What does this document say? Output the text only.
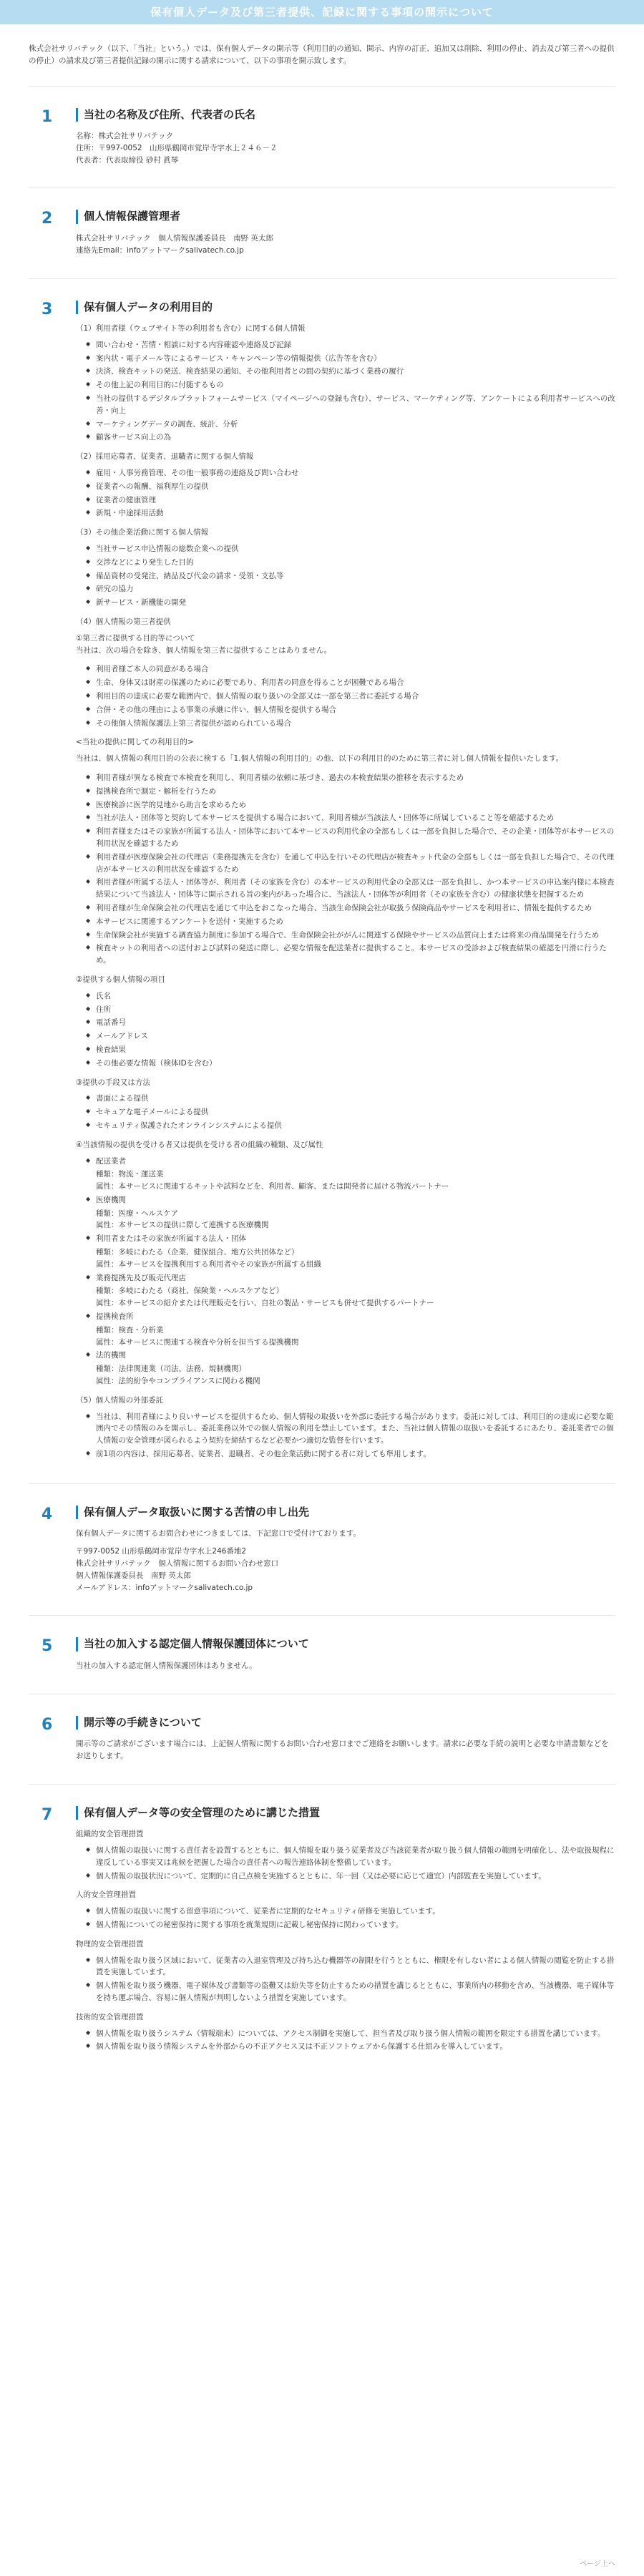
保有個人データ及び第三者提供、記録に関する事項の開示について
株式会社サリバテック（以下、「当社」という。）では、保有個人データの開示等（利用目的の通知、開示、内容の訂正、追加又は削除、利用の停止、消去及び第三者への提供の停止）の請求及び第三者提供記録の開示に関する請求について、以下の事項を開示致します。
1	当社の名称及び住所、代表者の氏名
名称：株式会社サリバテック
住所：〒997-0052　山形県鶴岡市覚岸寺字水上２４６－２
代表者：代表取締役 砂村 眞琴
2	個人情報保護管理者
株式会社サリバテック　個人情報保護委員長　南野 英太郎
連絡先Email：infoアットマークsalivatech.co.jp
3	保有個人データの利用目的
（1）利用者様（ウェブサイト等の利用者も含む）に関する個人情報
◆ 問い合わせ・苦情・相談に対する内容確認や連絡及び記録
◆ 案内状・電子メール等によるサービス・キャンペーン等の情報提供（広告等を含む）
◆ 決済、検査キットの発送、検査結果の通知、その他利用者との間の契約に基づく業務の履行
◆ その他上記の利用目的に付随するもの
◆ 当社の提供するデジタルプラットフォームサービス（マイページへの登録も含む）、サービス、マーケティング等、アンケートによる利用者サービスへの改善・向上
◆ マーケティングデータの調査、統計、分析
◆ 顧客サービス向上の為
（2）採用応募者、従業者、退職者に関する個人情報
◆ 雇用・人事労務管理、その他一般事務の連絡及び問い合わせ
◆ 従業者への報酬、福利厚生の提供
◆ 従業者の健康管理
◆ 新規・中途採用活動
（3）その他企業活動に関する個人情報
◆ 当社サービス申込情報の総数企業への提供
◆ 交渉などにより発生した目的
◆ 備品資材の受発注、納品及び代金の請求・受領・支払等
◆ 研究の協力
◆ 新サービス・新機能の開発
（4）個人情報の第三者提供
①第三者に提供する目的等について
当社は、次の場合を除き、個人情報を第三者に提供することはありません。
◆ 利用者様ご本人の同意がある場合
◆ 生命、身体又は財産の保護のために必要であり、利用者の同意を得ることが困難である場合
◆ 利用目的の達成に必要な範囲内で、個人情報の取り扱いの全部又は一部を第三者に委託する場合
◆ 合併・その他の理由による事業の承継に伴い、個人情報を提供する場合
◆ その他個人情報保護法上第三者提供が認められている場合
<当社の提供に関しての利用目的>
当社は、個人情報の利用目的の公表に検する「1.個人情報の利用目的」の他、以下の利用目的のために第三者に対し個人情報を提供いたします。
◆ 利用者様が異なる検査で本検査を利用し、利用者様の依頼に基づき、過去の本検査結果の推移を表示するため
◆ 提携検査所で測定・解析を行うため
◆ 医療検診に医学的見地から助言を求めるため
◆ 当社が法人・団体等と契約して本サービスを提供する場合において、利用者様が当該法人・団体等に所属していること等を確認するため
◆ 利用者様またはその家族が所属する法人・団体等において本サービスの利用代金の全部もしくは一部を負担した場合で、その企業・団体等が本サービスの利用状況を確認するため
◆ 利用者様が医療保険会社の代理店（業務提携先を含む）を通して申込を行いその代理店が検査キット代金の全部もしくは一部を負担した場合で、その代理店が本サービスの利用状況を確認するため
◆ 利用者様が所属する法人・団体等が、利用者（その家族を含む）の本サービスの利用代金の全部又は一部を負担し、かつ本サービスの申込案内様に本検査結果について当該法人・団体等に開示される旨の案内があった場合に、当該法人・団体等が利用者（その家族を含む）の健康状態を把握するため
◆ 利用者様が生命保険会社の代理店を通じて申込をおこなった場合、当該生命保険会社が取扱う保険商品やサービスを利用者に、情報を提供するため
◆ 本サービスに関連するアンケートを送付・実施するため
◆ 生命保険会社が実施する調査協力制度に参加する場合で、生命保険会社ががんに関連する保険やサービスの品質向上または将来の商品開発を行うため
◆ 検査キットの利用者への送付および試料の発送に際し、必要な情報を配送業者に提供すること。本サービスの受診および検査結果の確認を円滑に行うため。
②提供する個人情報の項目
◆ 氏名
◆ 住所
◆ 電話番号
◆ メールアドレス
◆ 検査結果
◆ その他必要な情報（検体IDを含む）
③提供の手段又は方法
◆ 書面による提供
◆ セキュアな電子メールによる提供
◆ セキュリティ保護されたオンラインシステムによる提供
④当該情報の提供を受ける者又は提供を受ける者の組織の種類、及び属性
◆ 配送業者
種類：物流・運送業
属性：本サービスに関連するキットや試料などを、利用者、顧客、または開発者に届ける物流パートナー
◆ 医療機関
種類：医療・ヘルスケア
属性：本サービスの提供に際して連携する医療機関
◆ 利用者またはその家族が所属する法人・団体
種類：多岐にわたる（企業、健保組合、地方公共団体など）
属性：本サービスを提携利用する利用者やその家族が所属する組織
◆ 業務提携先及び販売代理店
種類：多岐にわたる（商社、保険業・ヘルスケアなど）
属性：本サービスの紹介または代理販売を行い、自社の製品・サービスも併せて提供するパートナー
◆ 提携検査所
種類：検査・分析業
属性：本サービスに関連する検査や分析を担当する提携機関
◆ 法的機関
種類：法律関連業（司法、法務、規制機関）
属性：法的紛争やコンプライアンスに関わる機関
（5）個人情報の外部委託
◆ 当社は、利用者様により良いサービスを提供するため、個人情報の取扱いを外部に委託する場合があります。委託に対しては、利用目的の達成に必要な範囲内でその情報のみを開示し、委託業務以外での個人情報の利用を禁止しています。また、当社は個人情報の取扱いを委託するにあたり、委託業者での個人情報の安全管理が図られるよう契約を締結するなど必要かつ適切な監督を行います。
◆ 前1項の内容は、採用応募者、従業者、退職者、その他企業活動に関する者に対しても準用します。
4	保有個人データ取扱いに関する苦情の申し出先
保有個人データに関するお問合わせにつきましては、下記窓口で受付けております。
〒997-0052 山形県鶴岡市覚岸寺字水上246番地2
株式会社サリバテック　個人情報に関するお問い合わせ窓口
個人情報保護委員長　南野 英太郎
メールアドレス：infoアットマークsalivatech.co.jp
5	当社の加入する認定個人情報保護団体について
当社の加入する認定個人情報保護団体はありません。
6	開示等の手続きについて
開示等のご請求がございます場合には、上記個人情報に関するお問い合わせ窓口までご連絡をお願いします。請求に必要な手続の説明と必要な申請書類などをお送りします。
7	保有個人データ等の安全管理のために講じた措置
組織的安全管理措置
◆ 個人情報の取扱いに関する責任者を設置するとともに、個人情報を取り扱う従業者及び当該従業者が取り扱う個人情報の範囲を明確化し、法や取扱規程に違反している事実又は兆候を把握した場合の責任者への報告連絡体制を整備しています。
◆ 個人情報の取扱状況について、定期的に自己点検を実施するとともに、年一回（又は必要に応じて適宜）内部監査を実施しています。
人的安全管理措置
◆ 個人情報の取扱いに関する留意事項について、従業者に定期的なセキュリティ研修を実施しています。
◆ 個人情報についての秘密保持に関する事項を就業規則に記載し秘密保持に関わっています。
物理的安全管理措置
◆ 個人情報を取り扱う区域において、従業者の入退室管理及び持ち込む機器等の制限を行うとともに、権限を有しない者による個人情報の閲覧を防止する措置を実施しています。
◆ 個人情報を取り扱う機器、電子媒体及び書類等の盗難又は紛失等を防止するための措置を講じるとともに、事業所内の移動を含め、当該機器、電子媒体等を持ち運ぶ場合、容易に個人情報が判明しないよう措置を実施しています。
技術的安全管理措置
◆ 個人情報を取り扱うシステム（情報端末）については、アクセス制御を実施して、担当者及び取り扱う個人情報の範囲を限定する措置を講じています。
◆ 個人情報を取り扱う情報システムを外部からの不正アクセス又は不正ソフトウェアから保護する仕組みを導入しています。
ページ上へ
